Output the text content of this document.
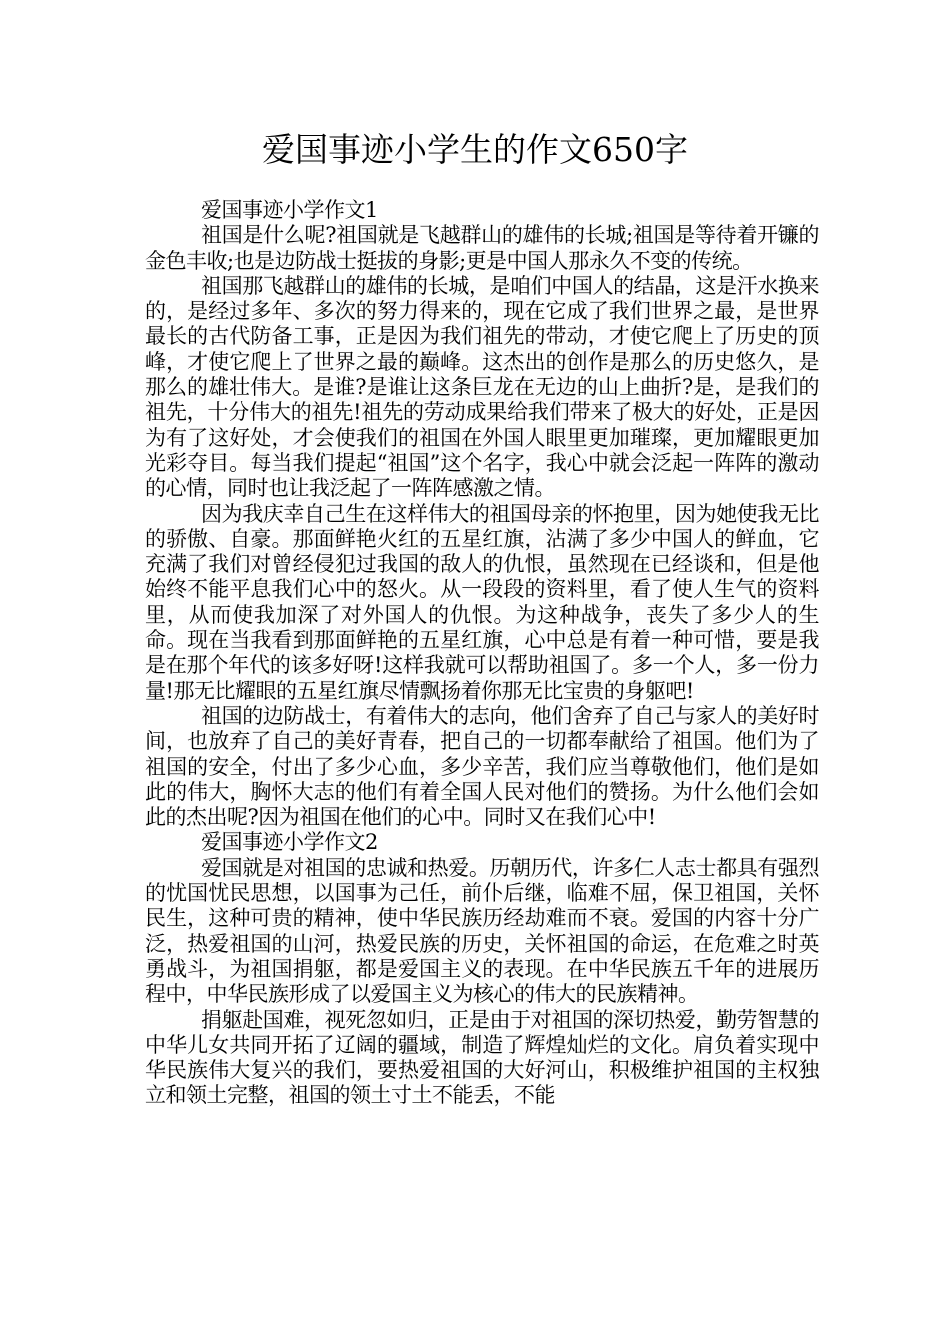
爱国事迹小学生的作文650字

爱国事迹小学作文1

祖国是什么呢?祖国就是飞越群山的雄伟的长城;祖国是等待着开镰的金色丰收;也是边防战士挺拔的身影;更是中国人那永久不变的传统。

祖国那飞越群山的雄伟的长城，是咱们中国人的结晶，这是汗水换来的，是经过多年、多次的努力得来的，现在它成了我们世界之最，是世界最长的古代防备工事，正是因为我们祖先的带动，才使它爬上了历史的顶峰，才使它爬上了世界之最的巅峰。这杰出的创作是那么的历史悠久，是那么的雄壮伟大。是谁?是谁让这条巨龙在无边的山上曲折?是，是我们的祖先，十分伟大的祖先!祖先的劳动成果给我们带来了极大的好处，正是因为有了这好处，才会使我们的祖国在外国人眼里更加璀璨，更加耀眼更加光彩夺目。每当我们提起“祖国”这个名字，我心中就会泛起一阵阵的激动的心情，同时也让我泛起了一阵阵感激之情。

因为我庆幸自己生在这样伟大的祖国母亲的怀抱里，因为她使我无比的骄傲、自豪。那面鲜艳火红的五星红旗，沾满了多少中国人的鲜血，它充满了我们对曾经侵犯过我国的敌人的仇恨，虽然现在已经谈和，但是他始终不能平息我们心中的怒火。从一段段的资料里，看了使人生气的资料里，从而使我加深了对外国人的仇恨。为这种战争，丧失了多少人的生命。现在当我看到那面鲜艳的五星红旗，心中总是有着一种可惜，要是我是在那个年代的该多好呀!这样我就可以帮助祖国了。多一个人，多一份力量!那无比耀眼的五星红旗尽情飘扬着你那无比宝贵的身躯吧!

祖国的边防战士，有着伟大的志向，他们舍弃了自己与家人的美好时间，也放弃了自己的美好青春，把自己的一切都奉献给了祖国。他们为了祖国的安全，付出了多少心血，多少辛苦，我们应当尊敬他们，他们是如此的伟大，胸怀大志的他们有着全国人民对他们的赞扬。为什么他们会如此的杰出呢?因为祖国在他们的心中。同时又在我们心中!

爱国事迹小学作文2

爱国就是对祖国的忠诚和热爱。历朝历代，许多仁人志士都具有强烈的忧国忧民思想，以国事为己任，前仆后继，临难不屈，保卫祖国，关怀民生，这种可贵的精神，使中华民族历经劫难而不衰。爱国的内容十分广泛，热爱祖国的山河，热爱民族的历史，关怀祖国的命运，在危难之时英勇战斗，为祖国捐躯，都是爱国主义的表现。在中华民族五千年的进展历程中，中华民族形成了以爱国主义为核心的伟大的民族精神。

捐躯赴国难，视死忽如归，正是由于对祖国的深切热爱，勤劳智慧的中华儿女共同开拓了辽阔的疆域，制造了辉煌灿烂的文化。肩负着实现中华民族伟大复兴的我们，要热爱祖国的大好河山，积极维护祖国的主权独立和领土完整，祖国的领土寸土不能丢，不能
